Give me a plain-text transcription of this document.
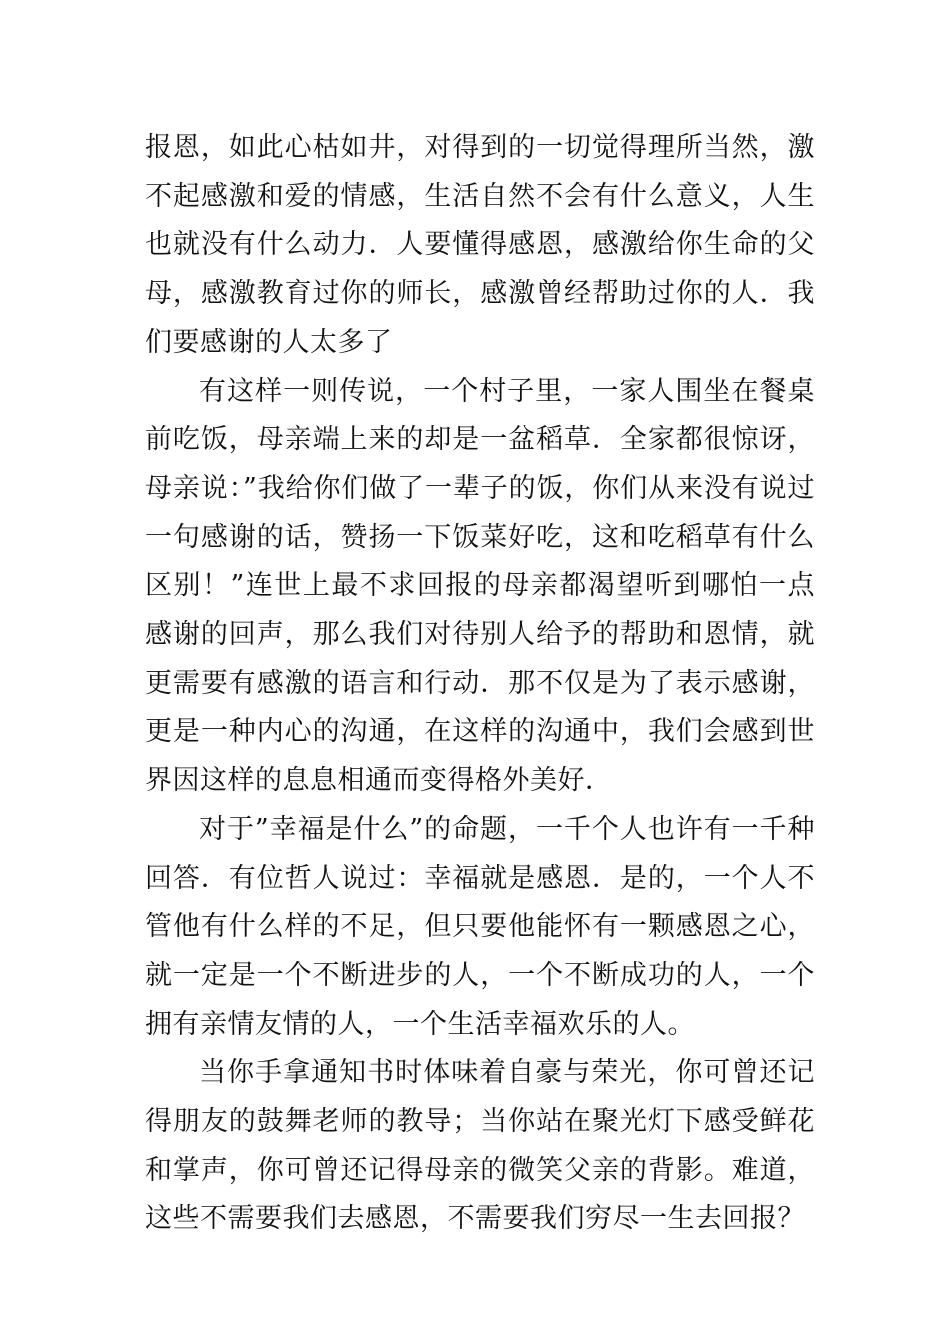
报恩，如此心枯如井，对得到的一切觉得理所当然，激不起感激和爱的情感，生活自然不会有什么意义，人生也就没有什么动力．人要懂得感恩，感激给你生命的父母，感激教育过你的师长，感激曾经帮助过你的人．我们要感谢的人太多了

有这样一则传说，一个村子里，一家人围坐在餐桌前吃饭，母亲端上来的却是一盆稻草．全家都很惊讶，母亲说：”我给你们做了一辈子的饭，你们从来没有说过一句感谢的话，赞扬一下饭菜好吃，这和吃稻草有什么区别！”连世上最不求回报的母亲都渴望听到哪怕一点感谢的回声，那么我们对待别人给予的帮助和恩情，就更需要有感激的语言和行动．那不仅是为了表示感谢，更是一种内心的沟通，在这样的沟通中，我们会感到世界因这样的息息相通而变得格外美好．

对于”幸福是什么”的命题，一千个人也许有一千种回答．有位哲人说过：幸福就是感恩．是的，一个人不管他有什么样的不足，但只要他能怀有一颗感恩之心，就一定是一个不断进步的人，一个不断成功的人，一个拥有亲情友情的人，一个生活幸福欢乐的人。

当你手拿通知书时体味着自豪与荣光，你可曾还记得朋友的鼓舞老师的教导；当你站在聚光灯下感受鲜花和掌声，你可曾还记得母亲的微笑父亲的背影。难道，这些不需要我们去感恩，不需要我们穷尽一生去回报？
